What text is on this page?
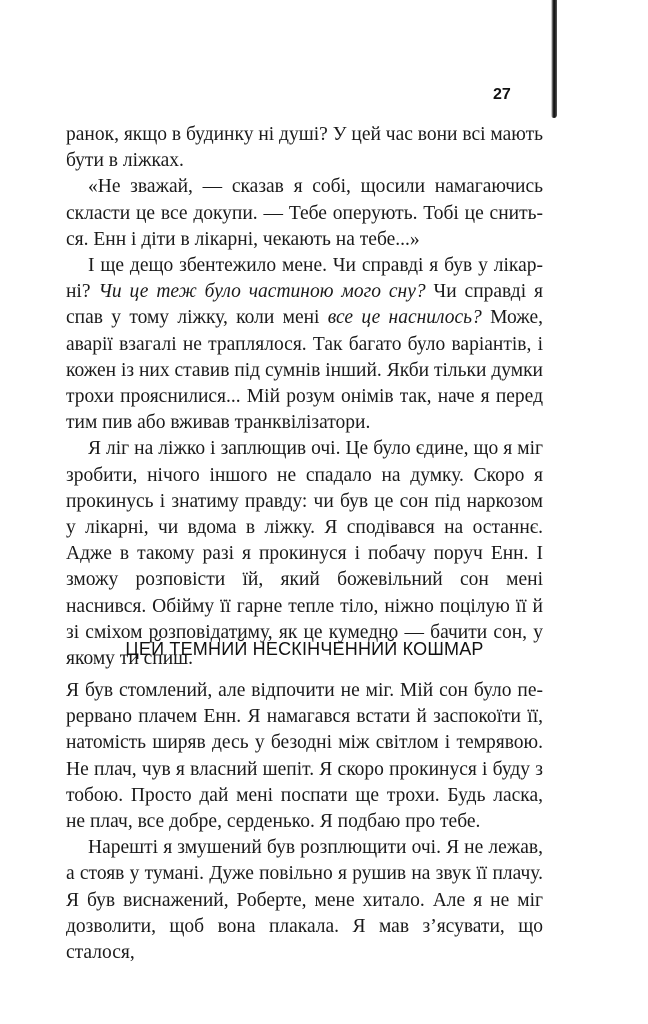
27

ранок, якщо в будинку ні душі? У цей час вони всі мають бути в ліжках.

«Не зважай, — сказав я собі, щосили намагаючись скласти це все докупи. — Тебе оперують. Тобі це сниться. Енн і діти в лікарні, чекають на тебе...»

І ще дещо збентежило мене. Чи справді я був у лікарні? Чи це теж було частиною мого сну? Чи справді я спав у тому ліжку, коли мені все це наснилось? Може, аварії взагалі не траплялося. Так багато було варіантів, і кожен із них ставив під сумнів інший. Якби тільки думки трохи прояснилися... Мій розум онімів так, наче я перед тим пив або вживав транквілізатори.

Я ліг на ліжко і заплющив очі. Це було єдине, що я міг зробити, нічого іншого не спадало на думку. Скоро я прокинусь і знатиму правду: чи був це сон під наркозом у лікарні, чи вдома в ліжку. Я сподівався на останнє. Адже в такому разі я прокинуся і побачу поруч Енн. І зможу розповісти їй, який божевільний сон мені наснився. Обійму її гарне тепле тіло, ніжно поцілую її й зі сміхом розповідатиму, як це кумедно — бачити сон, у якому ти спиш.

ЦЕЙ ТЕМНИЙ НЕСКІНЧЕННИЙ КОШМАР

Я був стомлений, але відпочити не міг. Мій сон було перервано плачем Енн. Я намагався встати й заспокоїти її, натомість ширяв десь у безодні між світлом і темрявою. Не плач, чув я власний шепіт. Я скоро прокинуся і буду з тобою. Просто дай мені поспати ще трохи. Будь ласка, не плач, все добре, серденько. Я подбаю про тебе.

Нарешті я змушений був розплющити очі. Я не лежав, а стояв у тумані. Дуже повільно я рушив на звук її плачу. Я був виснажений, Роберте, мене хитало. Але я не міг дозволити, щоб вона плакала. Я мав з’ясувати, що сталося,
